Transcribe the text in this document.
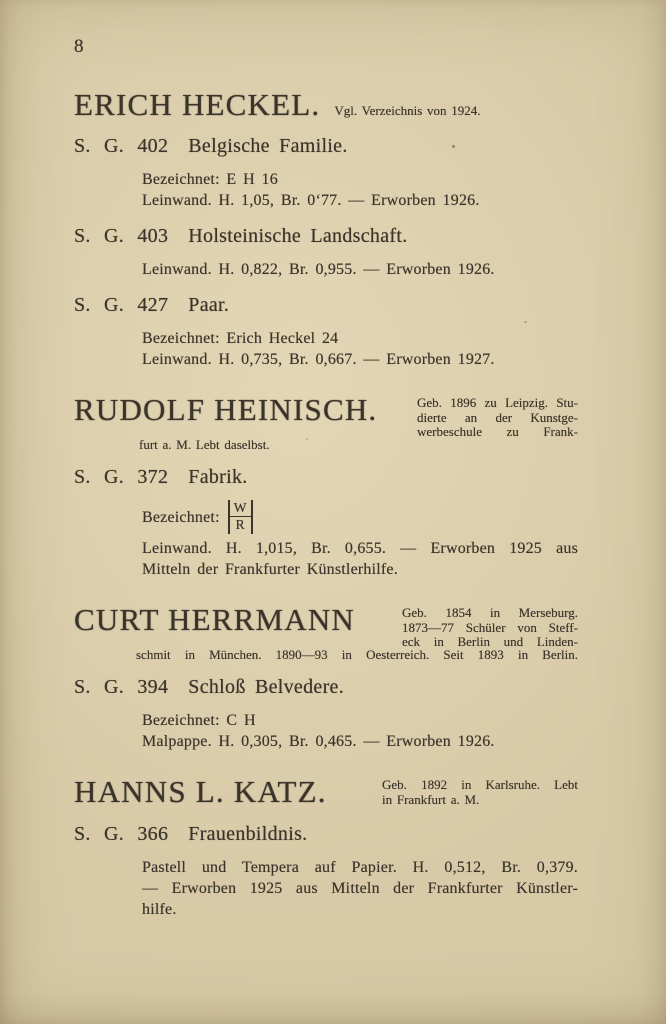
8
ERICH HECKEL. Vgl. Verzeichnis von 1924.
S. G. 402 Belgische Familie.
Bezeichnet: E H 16
Leinwand. H. 1,05, Br. 0‘77. — Erworben 1926.
S. G. 403 Holsteinische Landschaft.
Leinwand. H. 0,822, Br. 0,955. — Erworben 1926.
S. G. 427 Paar.
Bezeichnet: Erich Heckel 24
Leinwand. H. 0,735, Br. 0,667. — Erworben 1927.
RUDOLF HEINISCH.	Geb. 1896 zu Leipzig. Stu-
dierte an der Kunstge-
werbeschule zu Frank-
furt a. M. Lebt daselbst.
S. G. 372 Fabrik.
Bezeichnet:
W
R
Leinwand. H. 1,015, Br. 0,655. — Erworben 1925 aus
Mitteln der Frankfurter Künstlerhilfe.
CURT HERRMANN	Geb. 1854 in Merseburg.
1873—77 Schüler von Steff-
eck in Berlin und Linden-
schmit in München. 1890—93 in Oesterreich. Seit 1893 in Berlin.
S. G. 394 Schloß Belvedere.
Bezeichnet: C H
Malpappe. H. 0,305, Br. 0,465. — Erworben 1926.
HANNS L. KATZ.	Geb. 1892 in Karlsruhe. Lebt
in Frankfurt a. M.
S. G. 366 Frauenbildnis.
Pastell und Tempera auf Papier. H. 0,512, Br. 0,379.
— Erworben 1925 aus Mitteln der Frankfurter Künstler-
hilfe.
